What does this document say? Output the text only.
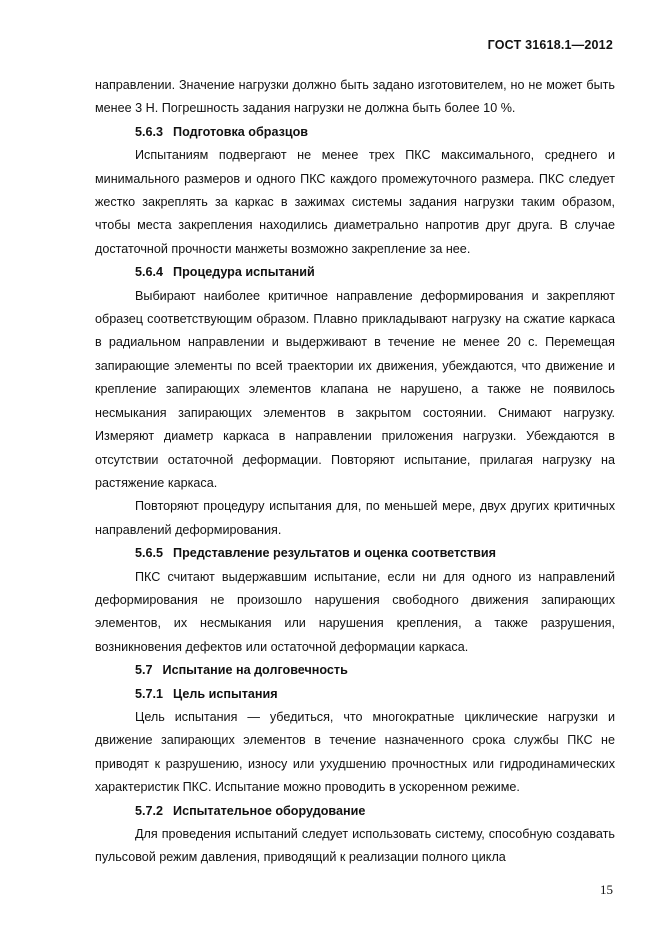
ГОСТ 31618.1—2012

направлении. Значение нагрузки должно быть задано изготовителем, но не может быть менее 3 Н. Погрешность задания нагрузки не должна быть более 10 %.

5.6.3 Подготовка образцов

Испытаниям подвергают не менее трех ПКС максимального, среднего и минимального размеров и одного ПКС каждого промежуточного размера. ПКС следует жестко закреплять за каркас в зажимах системы задания нагрузки таким образом, чтобы места закрепления находились диаметрально напротив друг друга. В случае достаточной прочности манжеты возможно закрепление за нее.

5.6.4 Процедура испытаний

Выбирают наиболее критичное направление деформирования и закрепляют образец соответствующим образом. Плавно прикладывают нагрузку на сжатие каркаса в радиальном направлении и выдерживают в течение не менее 20 с. Перемещая запирающие элементы по всей траектории их движения, убеждаются, что движение и крепление запирающих элементов клапана не нарушено, а также не появилось несмыкания запирающих элементов в закрытом состоянии. Снимают нагрузку. Измеряют диаметр каркаса в направлении приложения нагрузки. Убеждаются в отсутствии остаточной деформации. Повторяют испытание, прилагая нагрузку на растяжение каркаса.

Повторяют процедуру испытания для, по меньшей мере, двух других критичных направлений деформирования.

5.6.5 Представление результатов и оценка соответствия

ПКС считают выдержавшим испытание, если ни для одного из направлений деформирования не произошло нарушения свободного движения запирающих элементов, их несмыкания или нарушения крепления, а также разрушения, возникновения дефектов или остаточной деформации каркаса.

5.7 Испытание на долговечность

5.7.1 Цель испытания

Цель испытания — убедиться, что многократные циклические нагрузки и движение запирающих элементов в течение назначенного срока службы ПКС не приводят к разрушению, износу или ухудшению прочностных или гидродинамических характеристик ПКС. Испытание можно проводить в ускоренном режиме.

5.7.2 Испытательное оборудование

Для проведения испытаний следует использовать систему, способную создавать пульсовой режим давления, приводящий к реализации полного цикла

15
